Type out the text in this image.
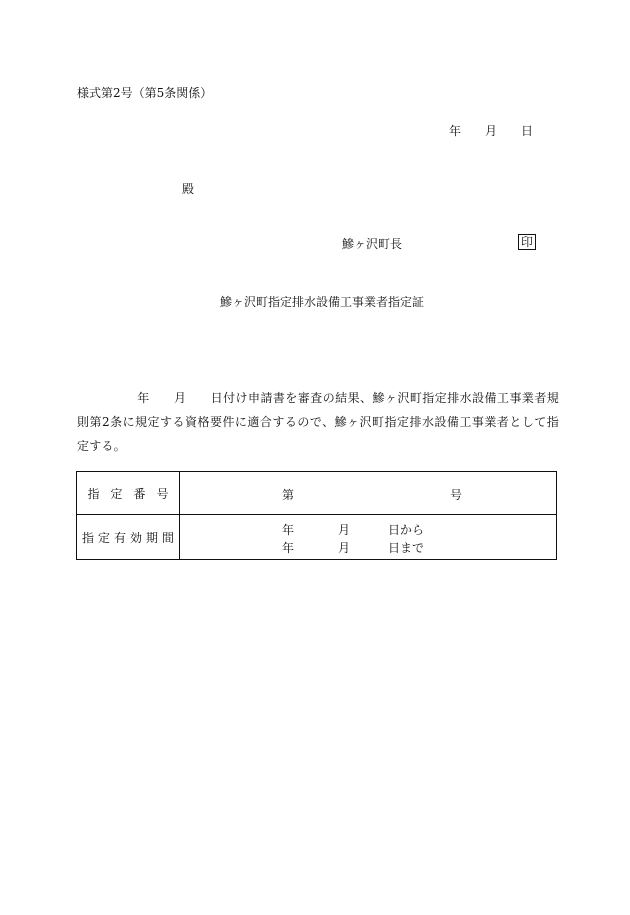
様式第2号（第5条関係）
年 月 日
殿
鰺ヶ沢町長	印
鰺ヶ沢町指定排水設備工事業者指定証
年 月 日付け申請書を審査の結果、鰺ヶ沢町指定排水設備工事業者規則第2条に規定する資格要件に適合するので、鰺ヶ沢町指定排水設備工事業者として指定する。
指定番号	第 号

指定有効期間	年 月 日から
年 月 日まで
